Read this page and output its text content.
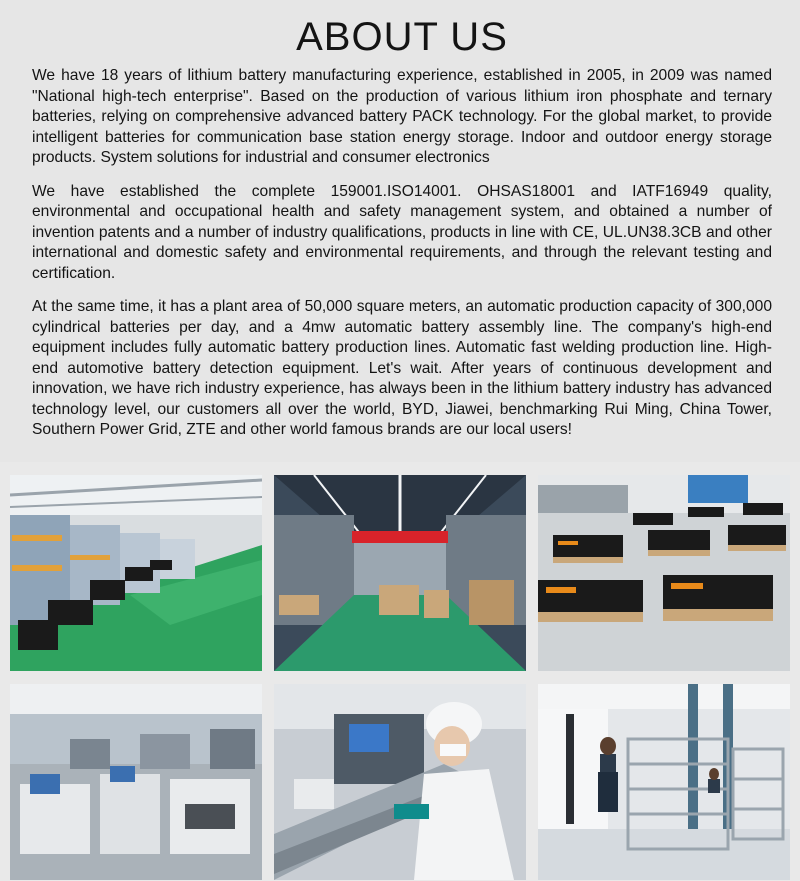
ABOUT US

We have 18 years of lithium battery manufacturing experience, established in 2005, in 2009 was named "National high-tech enterprise". Based on the production of various lithium iron phosphate and ternary batteries, relying on comprehensive advanced battery PACK technology. For the global market, to provide intelligent batteries for communication base station energy storage. Indoor and outdoor energy storage products. System solutions for industrial and consumer electronics

We have established the complete 159001.ISO14001. OHSAS18001 and IATF16949 quality, environmental and occupational health and safety management system, and obtained a number of invention patents and a number of industry qualifications, products in line with CE, UL.UN38.3CB and other international and domestic safety and environmental requirements, and through the relevant testing and certification.

At the same time, it has a plant area of 50,000 square meters, an automatic production capacity of 300,000 cylindrical batteries per day, and a 4mw automatic battery assembly line. The company's high-end equipment includes fully automatic battery production lines. Automatic fast welding production line. High-end automotive battery detection equipment. Let's wait. After years of continuous development and innovation, we have rich industry experience, has always been in the lithium battery industry has advanced technology level, our customers all over the world, BYD, Jiawei, benchmarking Rui Ming, China Tower, Southern Power Grid, ZTE and other world famous brands are our local users!
